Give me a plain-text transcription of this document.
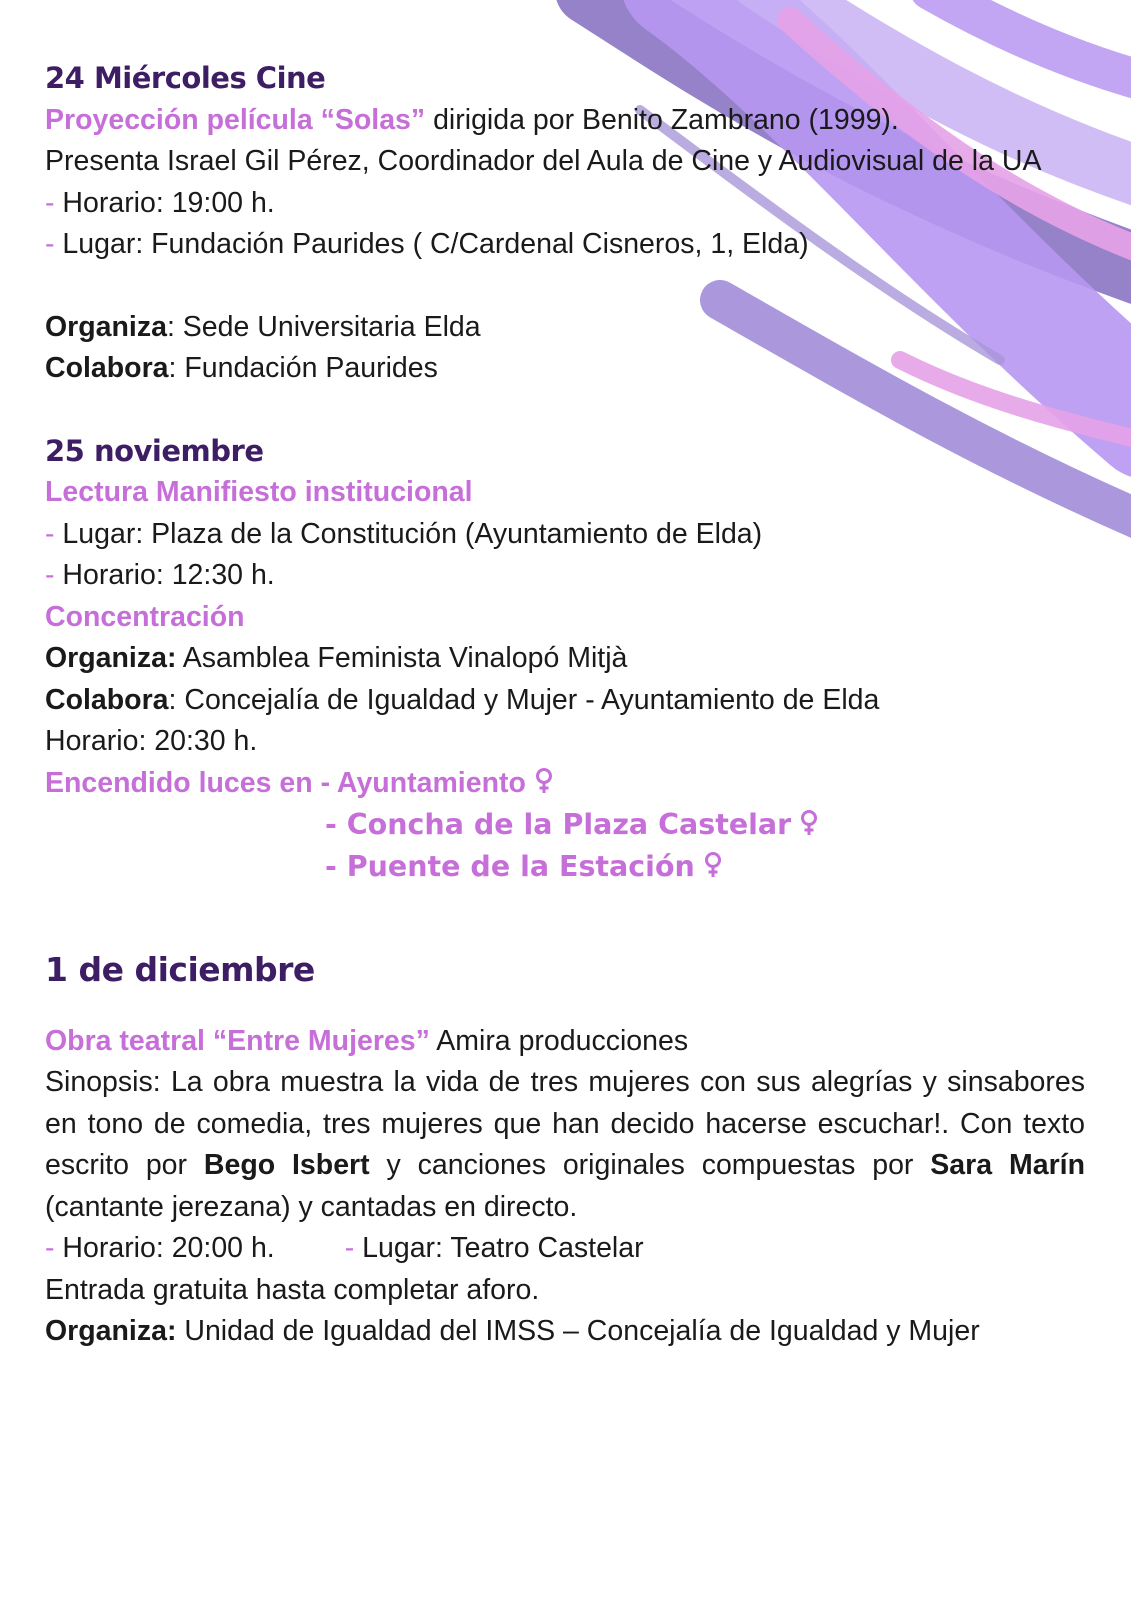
24 Miércoles Cine
Proyección película “Solas” dirigida por Benito Zambrano (1999).
Presenta Israel Gil Pérez, Coordinador del Aula de Cine y Audiovisual de la UA
- Horario: 19:00 h.
- Lugar: Fundación Paurides ( C/Cardenal Cisneros, 1, Elda)
Organiza: Sede Universitaria Elda
Colabora: Fundación Paurides
25 noviembre
Lectura Manifiesto institucional
- Lugar: Plaza de la Constitución (Ayuntamiento de Elda)
- Horario: 12:30 h.
Concentración
Organiza: Asamblea Feminista Vinalopó Mitjà
Colabora: Concejalía de Igualdad y Mujer - Ayuntamiento de Elda
Horario: 20:30 h.
Encendido luces en - Ayuntamiento
- Concha de la Plaza Castelar
- Puente de la Estación
1 de diciembre
Obra teatral “Entre Mujeres” Amira producciones
Sinopsis: La obra muestra la vida de tres mujeres con sus alegrías y sinsabores en tono de comedia, tres mujeres que han decido hacerse escuchar!. Con texto escrito por Bego Isbert y canciones originales compuestas por Sara Marín (cantante jerezana) y cantadas en directo.
- Horario: 20:00 h. - Lugar: Teatro Castelar
Entrada gratuita hasta completar aforo.
Organiza: Unidad de Igualdad del IMSS – Concejalía de Igualdad y Mujer
